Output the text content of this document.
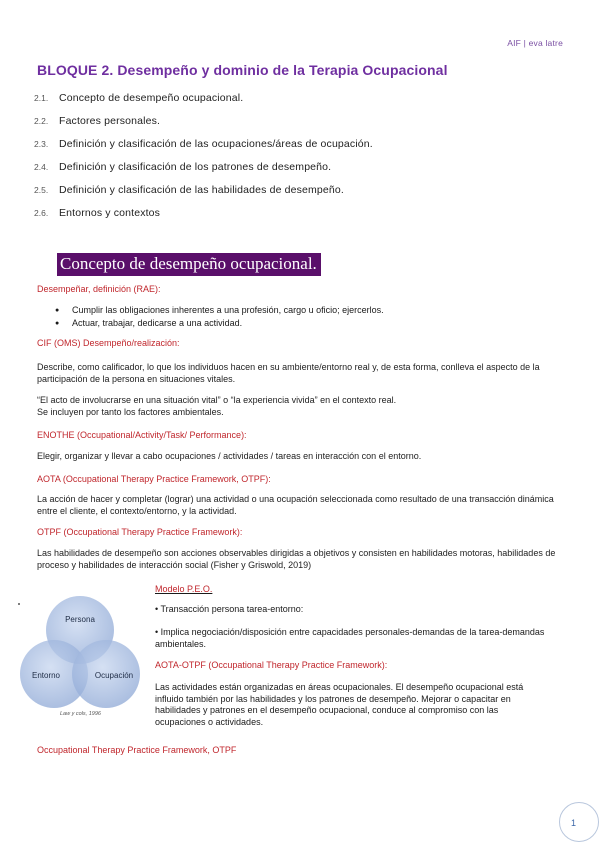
AIF | eva latre
BLOQUE 2. Desempeño y dominio de la Terapia Ocupacional
2.1.	Concepto de desempeño ocupacional.
2.2.	Factores personales.
2.3.	Definición y clasificación de las ocupaciones/áreas de ocupación.
2.4.	Definición y clasificación de los patrones de desempeño.
2.5.	Definición y clasificación de las habilidades de desempeño.
2.6.	Entornos y contextos
Concepto de desempeño ocupacional.
Desempeñar, definición (RAE):
●	Cumplir las obligaciones inherentes a una profesión, cargo u oficio; ejercerlos.
●	Actuar, trabajar, dedicarse a una actividad.
CIF (OMS) Desempeño/realización:
Describe, como calificador, lo que los individuos hacen en su ambiente/entorno real y, de esta forma, conlleva el aspecto de la participación de la persona en situaciones vitales.
“El acto de involucrarse en una situación vital” o “la experiencia vivida” en el contexto real.
Se incluyen por tanto los factores ambientales.
ENOTHE (Occupational/Activity/Task/ Performance):
Elegir, organizar y llevar a cabo ocupaciones / actividades / tareas en interacción con el entorno.
AOTA (Occupational Therapy Practice Framework, OTPF):
La acción de hacer y completar (lograr) una actividad o una ocupación seleccionada como resultado de una transacción dinámica entre el cliente, el contexto/entorno, y la actividad.
OTPF (Occupational Therapy Practice Framework):
Las habilidades de desempeño son acciones observables dirigidas a objetivos y consisten en habilidades motoras, habilidades de proceso y habilidades de interacción social (Fisher y Griswold, 2019)
Persona
Entorno	Ocupación
Law y cols, 1996
Modelo P.E.O.
• Transacción persona tarea-entorno:
• Implica negociación/disposición entre capacidades personales-demandas de la tarea-demandas ambientales.
AOTA-OTPF (Occupational Therapy Practice Framework):
Las actividades están organizadas en áreas ocupacionales. El desempeño ocupacional está influido también por las habilidades y los patrones de desempeño. Mejorar o capacitar en habilidades y patrones en el desempeño ocupacional, conduce al compromiso con las ocupaciones o actividades.
Occupational Therapy Practice Framework, OTPF
1
